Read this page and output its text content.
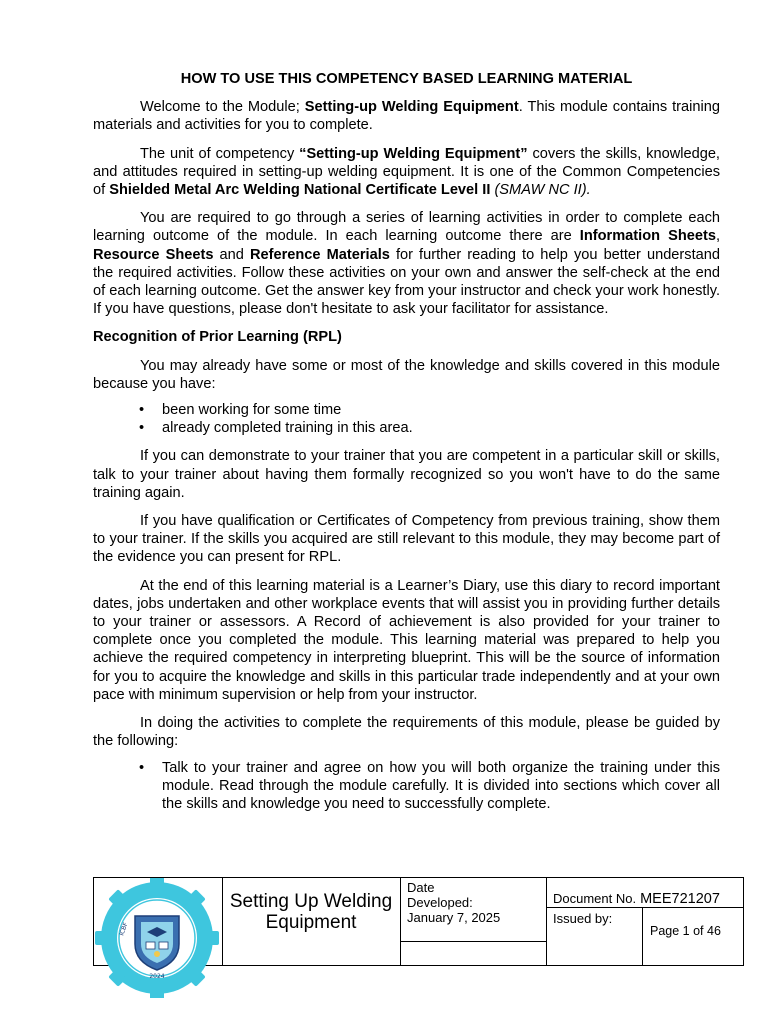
HOW TO USE THIS COMPETENCY BASED LEARNING MATERIAL

Welcome to the Module; Setting-up Welding Equipment. This module contains training materials and activities for you to complete.

The unit of competency “Setting-up Welding Equipment” covers the skills, knowledge, and attitudes required in setting-up welding equipment. It is one of the Common Competencies of Shielded Metal Arc Welding National Certificate Level II (SMAW NC II).

You are required to go through a series of learning activities in order to complete each learning outcome of the module. In each learning outcome there are Information Sheets, Resource Sheets and Reference Materials for further reading to help you better understand the required activities. Follow these activities on your own and answer the self-check at the end of each learning outcome. Get the answer key from your instructor and check your work honestly. If you have questions, please don't hesitate to ask your facilitator for assistance.

Recognition of Prior Learning (RPL)

You may already have some or most of the knowledge and skills covered in this module because you have:

• been working for some time
• already completed training in this area.

If you can demonstrate to your trainer that you are competent in a particular skill or skills, talk to your trainer about having them formally recognized so you won't have to do the same training again.

If you have qualification or Certificates of Competency from previous training, show them to your trainer. If the skills you acquired are still relevant to this module, they may become part of the evidence you can present for RPL.

At the end of this learning material is a Learner’s Diary, use this diary to record important dates, jobs undertaken and other workplace events that will assist you in providing further details to your trainer or assessors. A Record of achievement is also provided for your trainer to complete once you completed the module. This learning material was prepared to help you achieve the required competency in interpreting blueprint. This will be the source of information for you to acquire the knowledge and skills in this particular trade independently and at your own pace with minimum supervision or help from your instructor.

In doing the activities to complete the requirements of this module, please be guided by the following:

• Talk to your trainer and agree on how you will both organize the training under this module. Read through the module carefully. It is divided into sections which cover all the skills and knowledge you need to successfully complete.
ICBF
2024
Setting Up Welding Equipment
Date Developed:
January 7, 2025
Document No. MEE721207
Issued by:
Page 1 of 46
